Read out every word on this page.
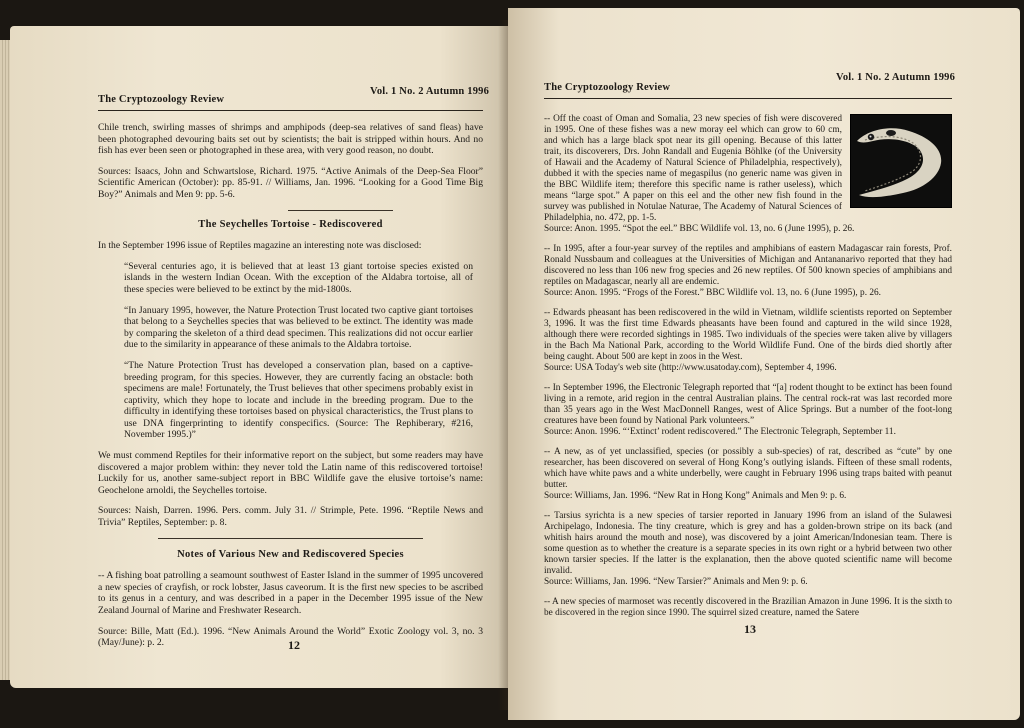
The Cryptozoology Review
Vol. 1 No. 2 Autumn 1996

Chile trench, swirling masses of shrimps and amphipods (deep-sea relatives of sand fleas) have been photographed devouring baits set out by scientists; the bait is stripped within hours. And no fish has ever been seen or photographed in these area, with very good reason, no doubt.

Sources: Isaacs, John and Schwartslose, Richard. 1975. “Active Animals of the Deep-Sea Floor” Scientific American (October): pp. 85-91. // Williams, Jan. 1996. “Looking for a Good Time Big Boy?” Animals and Men 9: pp. 5-6.

The Seychelles Tortoise - Rediscovered

In the September 1996 issue of Reptiles magazine an interesting note was disclosed:

“Several centuries ago, it is believed that at least 13 giant tortoise species existed on islands in the western Indian Ocean. With the exception of the Aldabra tortoise, all of these species were believed to be extinct by the mid-1800s.

“In January 1995, however, the Nature Protection Trust located two captive giant tortoises that belong to a Seychelles species that was believed to be extinct. The identity was made by comparing the skeleton of a third dead specimen. This realizations did not occur earlier due to the similarity in appearance of these animals to the Aldabra tortoise.

“The Nature Protection Trust has developed a conservation plan, based on a captive-breeding program, for this species. However, they are currently facing an obstacle: both specimens are male! Fortunately, the Trust believes that other specimens probably exist in captivity, which they hope to locate and include in the breeding program. Due to the difficulty in identifying these tortoises based on physical characteristics, the Trust plans to use DNA fingerprinting to identify conspecifics. (Source: The Rephiberary, #216, November 1995.)”

We must commend Reptiles for their informative report on the subject, but some readers may have discovered a major problem within: they never told the Latin name of this rediscovered tortoise! Luckily for us, another same-subject report in BBC Wildlife gave the elusive tortoise’s name: Geochelone arnoldi, the Seychelles tortoise.

Sources: Naish, Darren. 1996. Pers. comm. July 31. // Strimple, Pete. 1996. “Reptile News and Trivia” Reptiles, September: p. 8.

Notes of Various New and Rediscovered Species

-- A fishing boat patrolling a seamount southwest of Easter Island in the summer of 1995 uncovered a new species of crayfish, or rock lobster, Jasus caveorum. It is the first new species to be ascribed to its genus in a century, and was described in a paper in the December 1995 issue of the New Zealand Journal of Marine and Freshwater Research.

Source: Bille, Matt (Ed.). 1996. “New Animals Around the World” Exotic Zoology vol. 3, no. 3 (May/June): p. 2.	12
The Cryptozoology Review
Vol. 1 No. 2 Autumn 1996

-- Off the coast of Oman and Somalia, 23 new species of fish were discovered in 1995. One of these fishes was a new moray eel which can grow to 60 cm, and which has a large black spot near its gill opening. Because of this latter trait, its discoverers, Drs. John Randall and Eugenia Böhlke (of the University of Hawaii and the Academy of Natural Science of Philadelphia, respectively), dubbed it with the species name of megaspilus (no generic name was given in the BBC Wildlife item; therefore this specific name is rather useless), which means “large spot.” A paper on this eel and the other new fish found in the survey was published in Notulae Naturae, The Academy of Natural Sciences of Philadelphia, no. 472, pp. 1-5.
Source: Anon. 1995. “Spot the eel.” BBC Wildlife vol. 13, no. 6 (June 1995), p. 26.

-- In 1995, after a four-year survey of the reptiles and amphibians of eastern Madagascar rain forests, Prof. Ronald Nussbaum and colleagues at the Universities of Michigan and Antananarivo reported that they had discovered no less than 106 new frog species and 26 new reptiles. Of 500 known species of amphibians and reptiles on Madagascar, nearly all are endemic.
Source: Anon. 1995. “Frogs of the Forest.” BBC Wildlife vol. 13, no. 6 (June 1995), p. 26.

-- Edwards pheasant has been rediscovered in the wild in Vietnam, wildlife scientists reported on September 3, 1996. It was the first time Edwards pheasants have been found and captured in the wild since 1928, although there were recorded sightings in 1985. Two individuals of the species were taken alive by villagers in the Bach Ma National Park, according to the World Wildlife Fund. One of the birds died shortly after being caught. About 500 are kept in zoos in the West.
Source: USA Today's web site (http://www.usatoday.com), September 4, 1996.

-- In September 1996, the Electronic Telegraph reported that “[a] rodent thought to be extinct has been found living in a remote, arid region in the central Australian plains. The central rock-rat was last recorded more than 35 years ago in the West MacDonnell Ranges, west of Alice Springs. But a number of the foot-long creatures have been found by National Park volunteers.”
Source: Anon. 1996. “‘Extinct’ rodent rediscovered.” The Electronic Telegraph, September 11.

-- A new, as of yet unclassified, species (or possibly a sub-species) of rat, described as “cute” by one researcher, has been discovered on several of Hong Kong’s outlying islands. Fifteen of these small rodents, which have white paws and a white underbelly, were caught in February 1996 using traps baited with peanut butter.
Source: Williams, Jan. 1996. “New Rat in Hong Kong” Animals and Men 9: p. 6.

-- Tarsius syrichta is a new species of tarsier reported in January 1996 from an island of the Sulawesi Archipelago, Indonesia. The tiny creature, which is grey and has a golden-brown stripe on its back (and whitish hairs around the mouth and nose), was discovered by a joint American/Indonesian team. There is some question as to whether the creature is a separate species in its own right or a hybrid between two other known tarsier species. If the latter is the explanation, then the above quoted scientific name will become invalid.
Source: Williams, Jan. 1996. “New Tarsier?” Animals and Men 9: p. 6.

-- A new species of marmoset was recently discovered in the Brazilian Amazon in June 1996. It is the sixth to be discovered in the region since 1990. The squirrel sized creature, named the Satere

13
